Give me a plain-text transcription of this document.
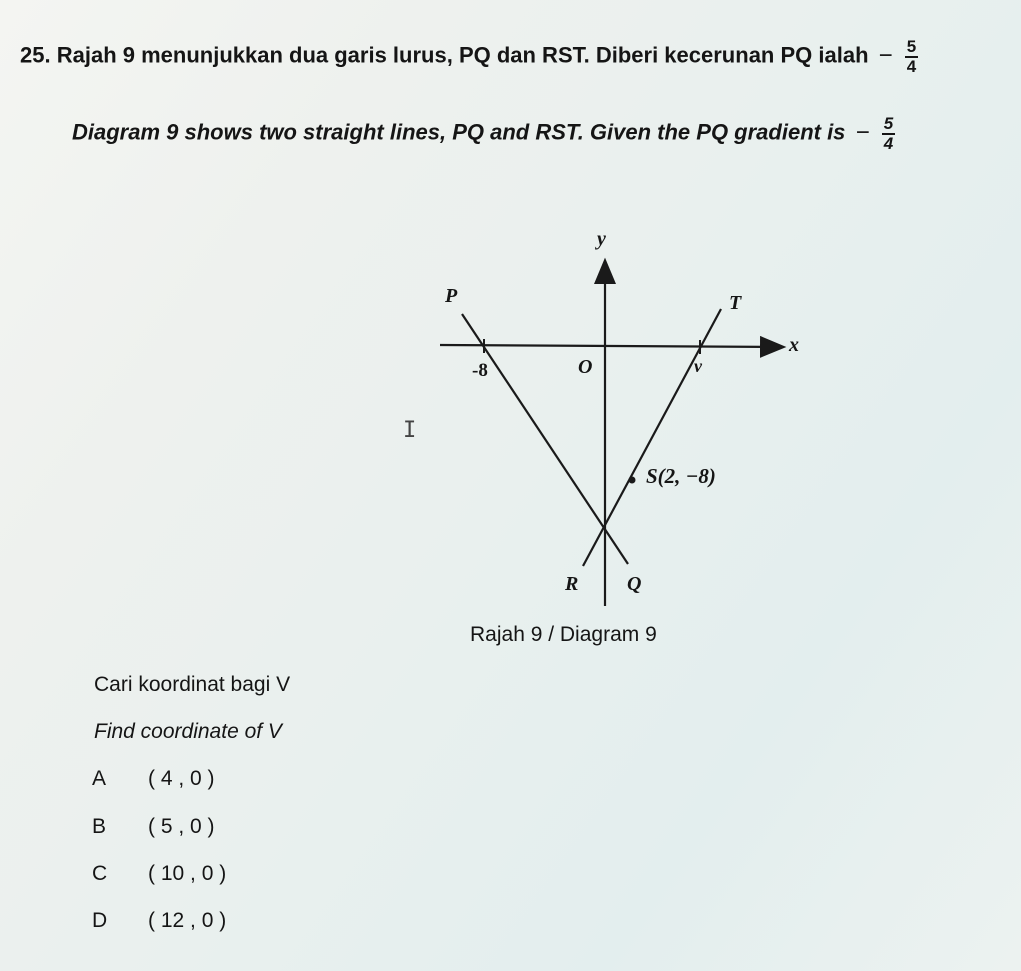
25. Rajah 9 menunjukkan dua garis lurus, PQ dan RST. Diberi kecerunan PQ ialah − $\frac{5}{4}$
Diagram 9 shows two straight lines, PQ and RST. Given the PQ gradient is − $\frac{5}{4}$
y
x
P	T
-8	O	v
S(2, −8)
R Q
Rajah 9 / Diagram 9
I
Cari koordinat bagi V
Find coordinate of V
A ( 4 , 0 )
B ( 5 , 0 )
C ( 10 , 0 )
D ( 12 , 0 )
